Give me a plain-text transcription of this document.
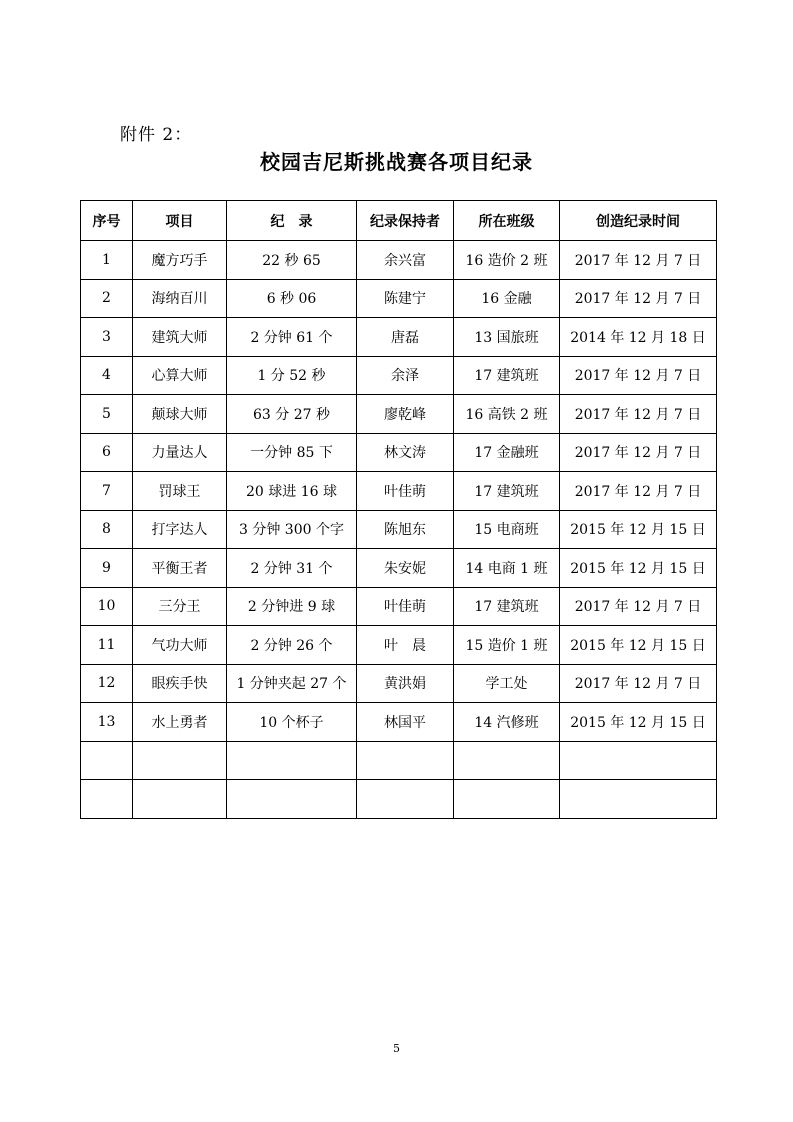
附件 2：
校园吉尼斯挑战赛各项目纪录
序号	项目	纪　录	纪录保持者	所在班级	创造纪录时间
1	魔方巧手	22 秒 65	余兴富	16 造价 2 班	2017 年 12 月 7 日
2	海纳百川	6 秒 06	陈建宁	16 金融	2017 年 12 月 7 日
3	建筑大师	2 分钟 61 个	唐磊	13 国旅班	2014 年 12 月 18 日
4	心算大师	1 分 52 秒	余泽	17 建筑班	2017 年 12 月 7 日
5	颠球大师	63 分 27 秒	廖乾峰	16 高铁 2 班	2017 年 12 月 7 日
6	力量达人	一分钟 85 下	林文涛	17 金融班	2017 年 12 月 7 日
7	罚球王	20 球进 16 球	叶佳萌	17 建筑班	2017 年 12 月 7 日
8	打字达人	3 分钟 300 个字	陈旭东	15 电商班	2015 年 12 月 15 日
9	平衡王者	2 分钟 31 个	朱安妮	14 电商 1 班	2015 年 12 月 15 日
10	三分王	2 分钟进 9 球	叶佳萌	17 建筑班	2017 年 12 月 7 日
11	气功大师	2 分钟 26 个	叶　晨	15 造价 1 班	2015 年 12 月 15 日
12	眼疾手快	1 分钟夹起 27 个	黄洪娟	学工处	2017 年 12 月 7 日
13	水上勇者	10 个杯子	林国平	14 汽修班	2015 年 12 月 15 日

5
